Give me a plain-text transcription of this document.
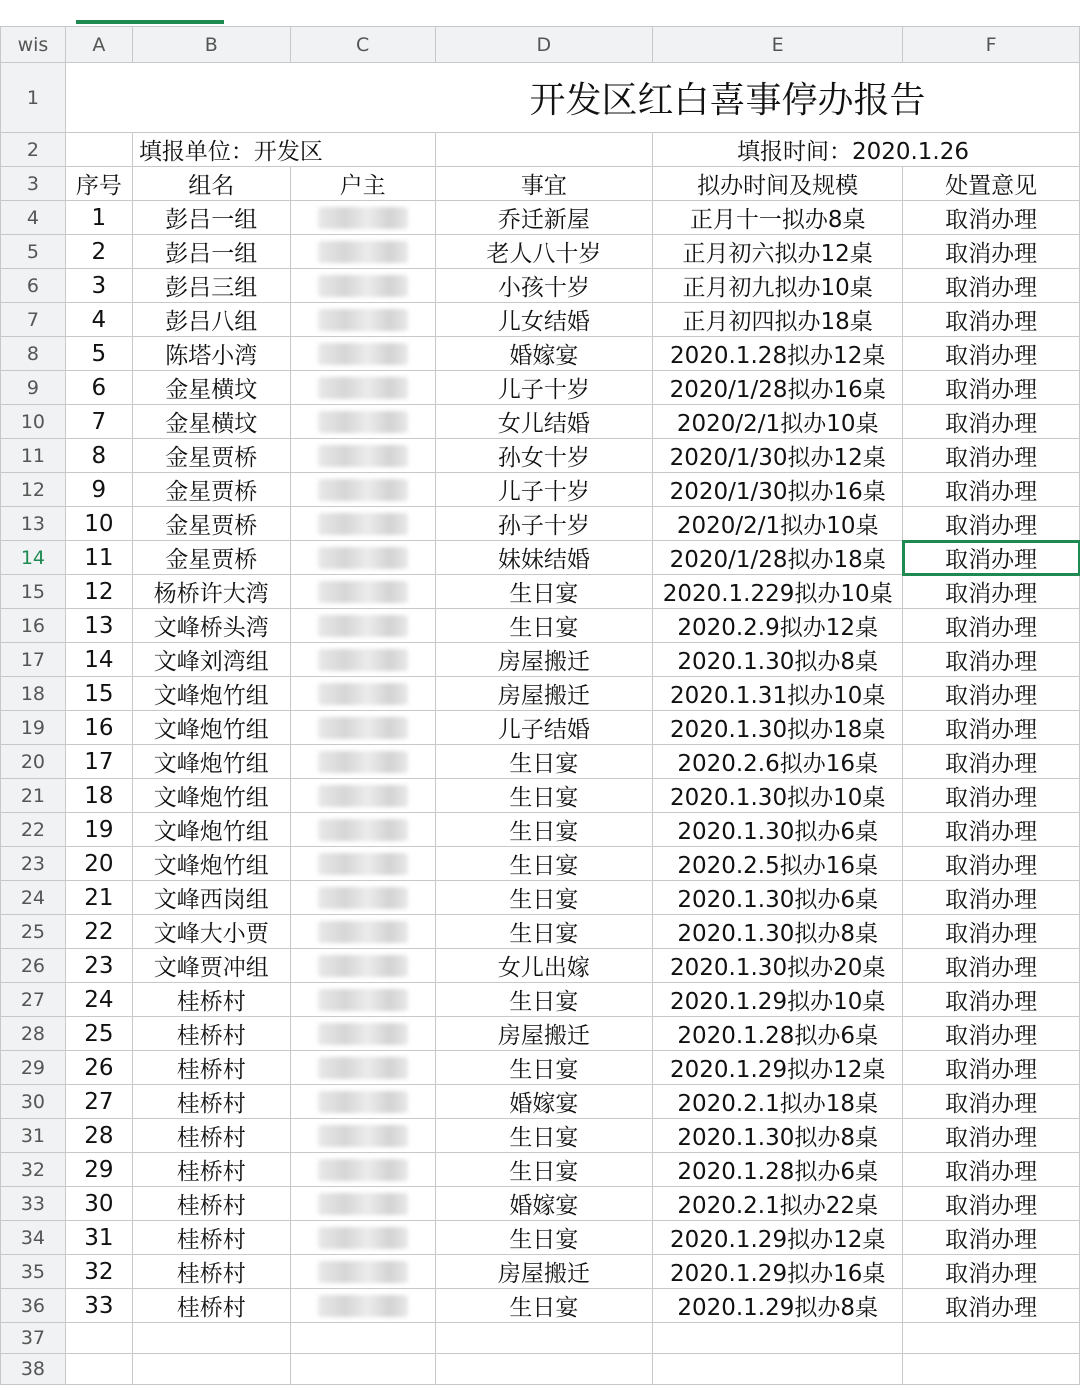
wis	A	B	C	D	E	F
1	开发区红白喜事停办报告					
2		填报单位：开发区			填报时间：2020.1.26	
3	序号	组名	户主	事宜	拟办时间及规模	处置意见
4	1	彭吕一组		乔迁新屋	正月十一拟办8桌	取消办理
5	2	彭吕一组		老人八十岁	正月初六拟办12桌	取消办理
6	3	彭吕三组		小孩十岁	正月初九拟办10桌	取消办理
7	4	彭吕八组		儿女结婚	正月初四拟办18桌	取消办理
8	5	陈塔小湾		婚嫁宴	2020.1.28拟办12桌	取消办理
9	6	金星横坟		儿子十岁	2020/1/28拟办16桌	取消办理
10	7	金星横坟		女儿结婚	2020/2/1拟办10桌	取消办理
11	8	金星贾桥		孙女十岁	2020/1/30拟办12桌	取消办理
12	9	金星贾桥		儿子十岁	2020/1/30拟办16桌	取消办理
13	10	金星贾桥		孙子十岁	2020/2/1拟办10桌	取消办理
14	11	金星贾桥		妹妹结婚	2020/1/28拟办18桌	取消办理
15	12	杨桥许大湾		生日宴	2020.1.229拟办10桌	取消办理
16	13	文峰桥头湾		生日宴	2020.2.9拟办12桌	取消办理
17	14	文峰刘湾组		房屋搬迁	2020.1.30拟办8桌	取消办理
18	15	文峰炮竹组		房屋搬迁	2020.1.31拟办10桌	取消办理
19	16	文峰炮竹组		儿子结婚	2020.1.30拟办18桌	取消办理
20	17	文峰炮竹组		生日宴	2020.2.6拟办16桌	取消办理
21	18	文峰炮竹组		生日宴	2020.1.30拟办10桌	取消办理
22	19	文峰炮竹组		生日宴	2020.1.30拟办6桌	取消办理
23	20	文峰炮竹组		生日宴	2020.2.5拟办16桌	取消办理
24	21	文峰西岗组		生日宴	2020.1.30拟办6桌	取消办理
25	22	文峰大小贾		生日宴	2020.1.30拟办8桌	取消办理
26	23	文峰贾冲组		女儿出嫁	2020.1.30拟办20桌	取消办理
27	24	桂桥村		生日宴	2020.1.29拟办10桌	取消办理
28	25	桂桥村		房屋搬迁	2020.1.28拟办6桌	取消办理
29	26	桂桥村		生日宴	2020.1.29拟办12桌	取消办理
30	27	桂桥村		婚嫁宴	2020.2.1拟办18桌	取消办理
31	28	桂桥村		生日宴	2020.1.30拟办8桌	取消办理
32	29	桂桥村		生日宴	2020.1.28拟办6桌	取消办理
33	30	桂桥村		婚嫁宴	2020.2.1拟办22桌	取消办理
34	31	桂桥村		生日宴	2020.1.29拟办12桌	取消办理
35	32	桂桥村		房屋搬迁	2020.1.29拟办16桌	取消办理
36	33	桂桥村		生日宴	2020.1.29拟办8桌	取消办理
37						
38						
